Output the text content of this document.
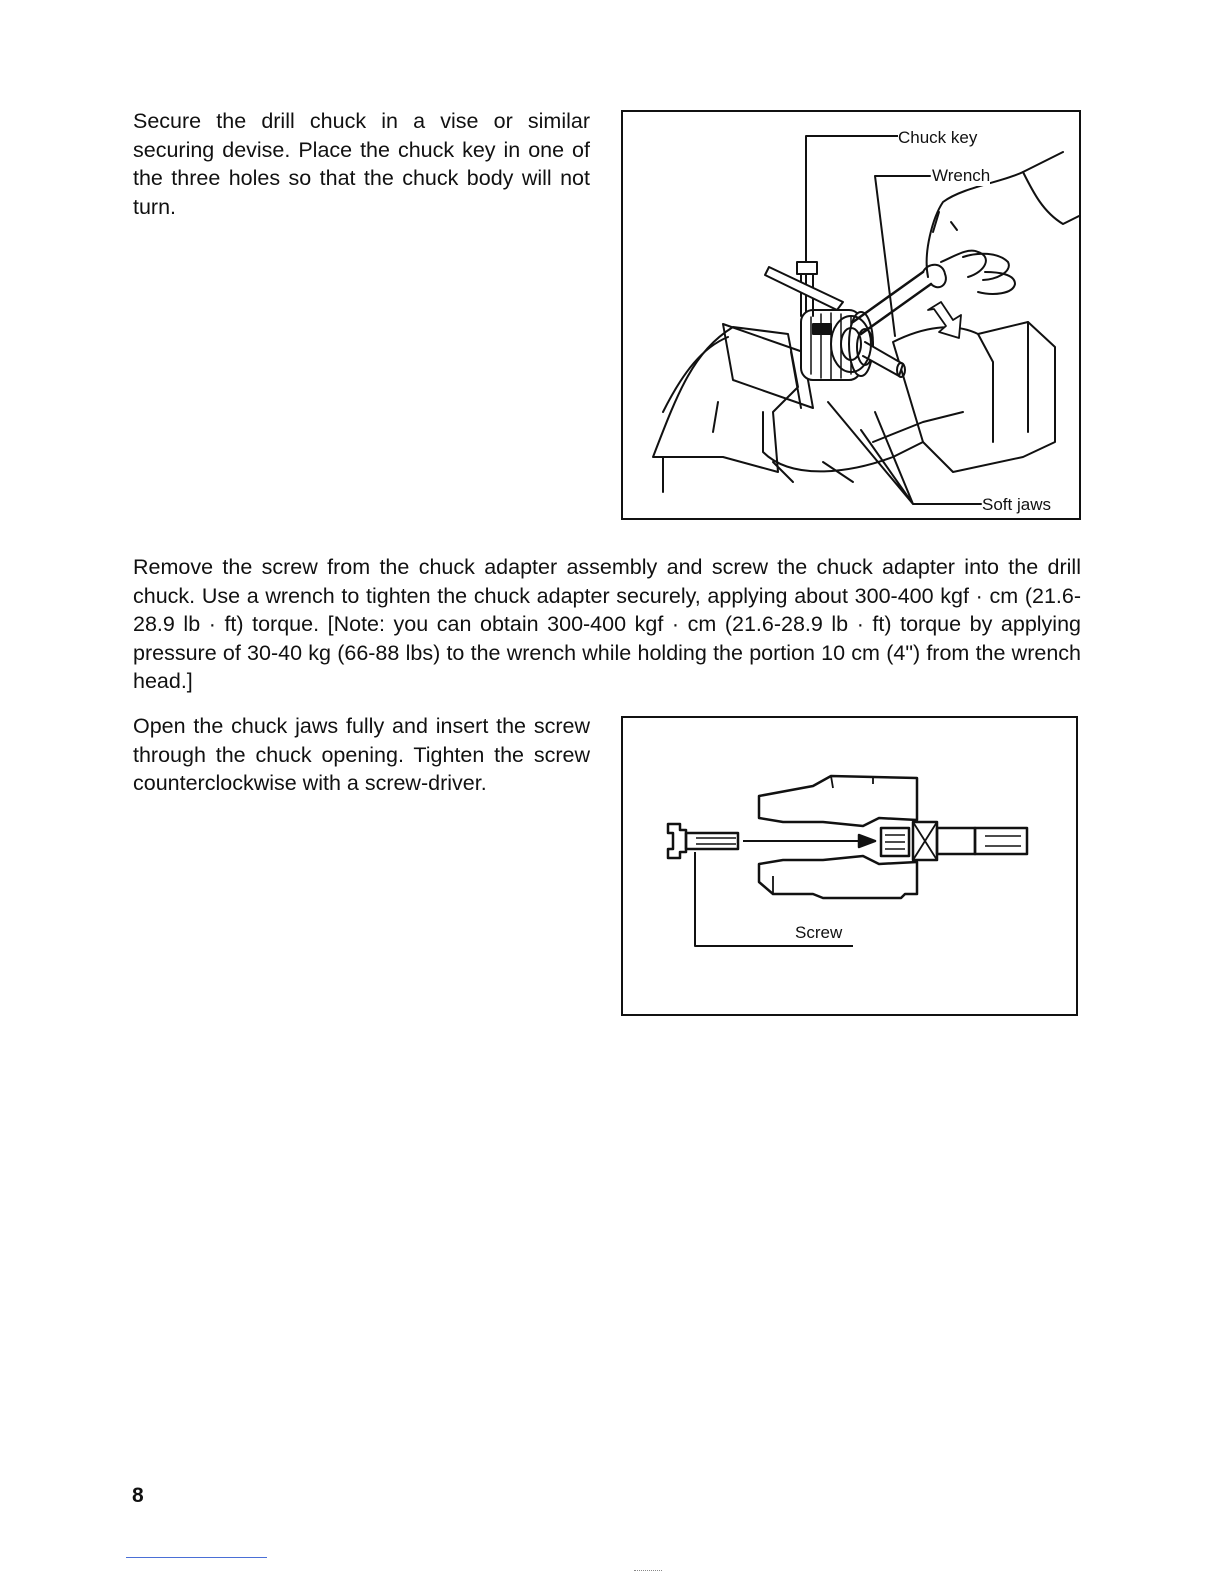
Secure the drill chuck in a vise or similar securing devise. Place the chuck key in one of the three holes so that the chuck body will not turn.

Chuck key
Wrench
Soft jaws

Remove the screw from the chuck adapter assembly and screw the chuck adapter into the drill chuck. Use a wrench to tighten the chuck adapter securely, applying about 300-400 kgf · cm (21.6-28.9 lb · ft) torque. [Note: you can obtain 300-400 kgf · cm (21.6-28.9 lb · ft) torque by applying pressure of 30-40 kg (66-88 lbs) to the wrench while holding the portion 10 cm (4") from the wrench head.]

Open the chuck jaws fully and insert the screw through the chuck opening. Tighten the screw counterclockwise with a screw-driver.

Screw
8
